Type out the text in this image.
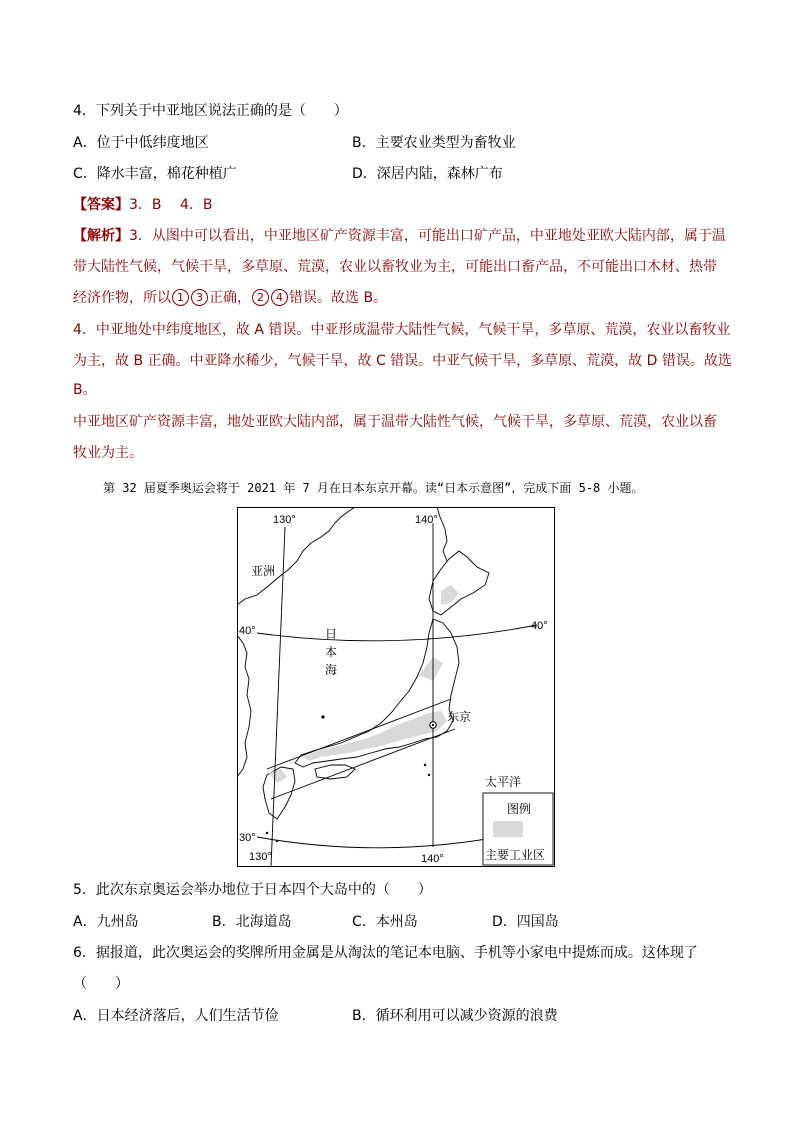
4．下列关于中亚地区说法正确的是（　　）
A．位于中低纬度地区	B．主要农业类型为畜牧业
C．降水丰富，棉花种植广	D．深居内陆，森林广布
【答案】3．B　 4．B
【解析】3．从图中可以看出，中亚地区矿产资源丰富，可能出口矿产品，中亚地处亚欧大陆内部，属于温
带大陆性气候，气候干旱，多草原、荒漠，农业以畜牧业为主，可能出口畜产品，不可能出口木材、热带
经济作物，所以 1 3 正确， 2 4 错误。故选 B。
4．中亚地处中纬度地区，故 A 错误。中亚形成温带大陆性气候，气候干旱，多草原、荒漠，农业以畜牧业
为主，故 B 正确。中亚降水稀少，气候干旱，故 C 错误。中亚气候干旱，多草原、荒漠，故 D 错误。故选
B。
中亚地区矿产资源丰富，地处亚欧大陆内部，属于温带大陆性气候，气候干旱，多草原、荒漠，农业以畜
牧业为主。
第 32 届夏季奥运会将于 2021 年 7 月在日本东京开幕。读“日本示意图”，完成下面 5-8 小题。
130°	140°
亚洲
40°	40°
日
本
海
东京
太平洋
图例
主要工业区
30°
130°	140°
5．此次东京奥运会举办地位于日本四个大岛中的（　　）
A．九州岛	B．北海道岛	C．本州岛	D．四国岛
6．据报道，此次奥运会的奖牌所用金属是从淘汰的笔记本电脑、手机等小家电中提炼而成。这体现了
（　　）
A．日本经济落后，人们生活节俭	B．循环利用可以减少资源的浪费
